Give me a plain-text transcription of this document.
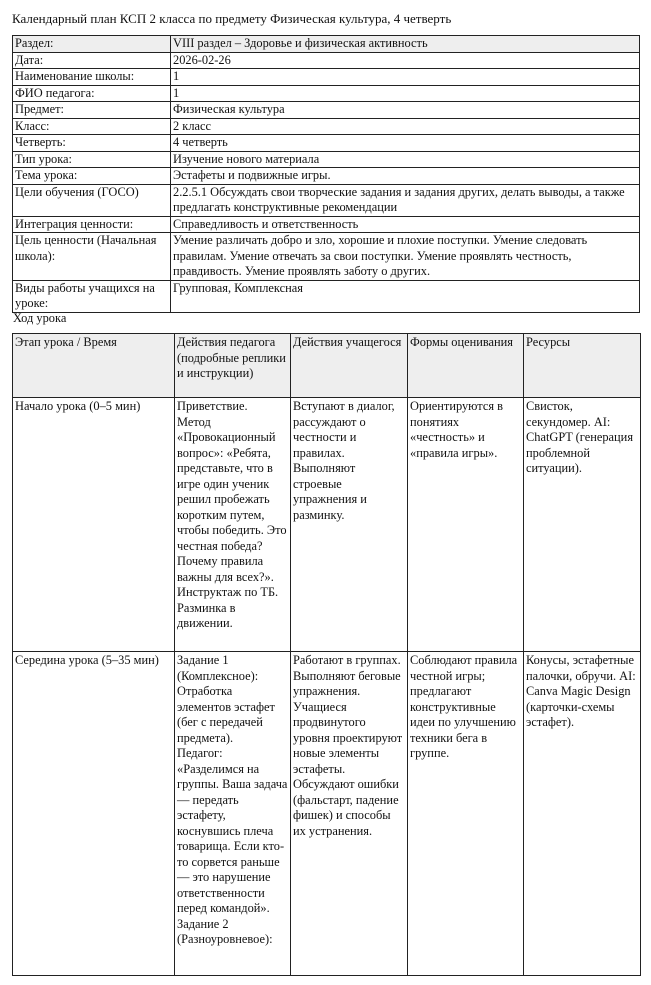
Календарный план КСП 2 класса по предмету Физическая культура, 4 четверть
Раздел:	VIII раздел – Здоровье и физическая активность
Дата:	2026-02-26
Наименование школы:	1
ФИО педагога:	1
Предмет:	Физическая культура
Класс:	2 класс
Четверть:	4 четверть
Тип урока:	Изучение нового материала
Тема урока:	Эстафеты и подвижные игры.
Цели обучения (ГОСО)	2.2.5.1 Обсуждать свои творческие задания и задания других, делать выводы, а также предлагать конструктивные рекомендации
Интеграция ценности:	Справедливость и ответственность
Цель ценности (Начальная школа):	Умение различать добро и зло, хорошие и плохие поступки. Умение следовать правилам. Умение отвечать за свои поступки. Умение проявлять честность, правдивость. Умение проявлять заботу о других.
Виды работы учащихся на уроке:	Групповая, Комплексная
Ход урока
Этап урока / Время	Действия педагога (подробные реплики и инструкции)	Действия учащегося	Формы оценивания	Ресурсы
Начало урока (0–5 мин)	Приветствие.
Метод «Провокационный вопрос»: «Ребята, представьте, что в игре один ученик решил пробежать коротким путем, чтобы победить. Это честная победа? Почему правила важны для всех?».
Инструктаж по ТБ. Разминка в движении.	Вступают в диалог, рассуждают о честности и правилах. Выполняют строевые упражнения и разминку.	Ориентируются в понятиях «честность» и «правила игры».	Свисток, секундомер. AI: ChatGPT (генерация проблемной ситуации).
Середина урока (5–35 мин)	Задание 1 (Комплексное): Отработка элементов эстафет (бег с передачей предмета).
Педагог: «Разделимся на группы. Ваша задача — передать эстафету, коснувшись плеча товарища. Если кто-то сорвется раньше — это нарушение ответственности перед командой».
Задание 2 (Разноуровневое):	Работают в группах. Выполняют беговые упражнения. Учащиеся продвинутого уровня проектируют новые элементы эстафеты. Обсуждают ошибки (фальстарт, падение фишек) и способы их устранения.	Соблюдают правила честной игры; предлагают конструктивные идеи по улучшению техники бега в группе.	Конусы, эстафетные палочки, обручи. AI: Canva Magic Design (карточки-схемы эстафет).
